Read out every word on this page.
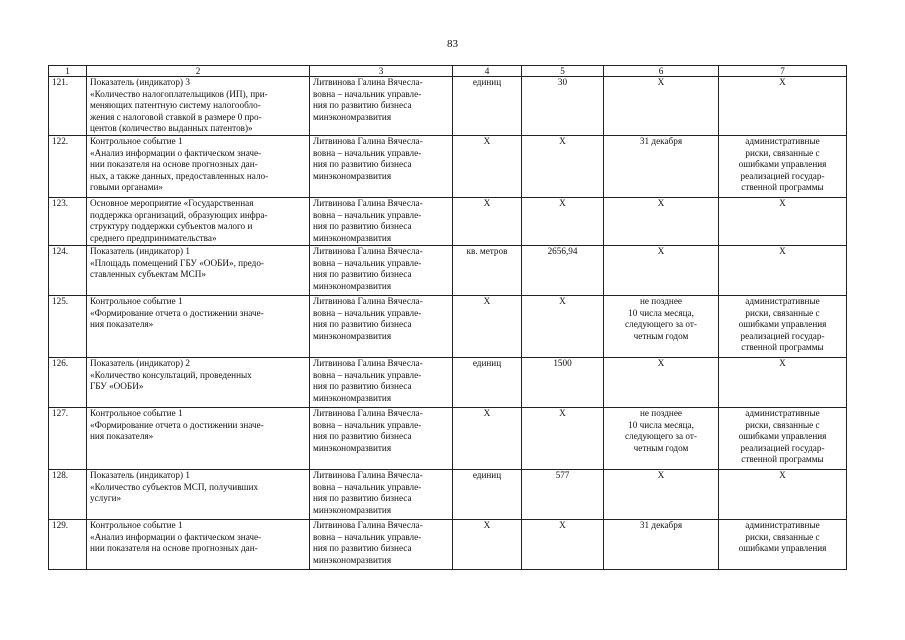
83
1	2	3	4	5	6	7
121.	Показатель (индикатор) 3
«Количество налогоплательщиков (ИП), при-
меняющих патентную систему налогообло-
жения с налоговой ставкой в размере 0 про-
центов (количество выданных патентов)»	Литвинова Галина Вячесла-
вовна – начальник управле-
ния по развитию бизнеса
минэкономразвития	единиц	30	Х	Х
122.	Контрольное событие 1
«Анализ информации о фактическом значе-
нии показателя на основе прогнозных дан-
ных, а также данных, предоставленных нало-
говыми органами»	Литвинова Галина Вячесла-
вовна – начальник управле-
ния по развитию бизнеса
минэкономразвития	Х	Х	31 декабря	административные
риски, связанные с
ошибками управления
реализацией государ-
ственной программы
123.	Основное мероприятие «Государственная
поддержка организаций, образующих инфра-
структуру поддержки субъектов малого и
среднего предпринимательства»	Литвинова Галина Вячесла-
вовна – начальник управле-
ния по развитию бизнеса
минэкономразвития	Х	Х	Х	Х
124.	Показатель (индикатор) 1
«Площадь помещений ГБУ «ООБИ», предо-
ставленных субъектам МСП»	Литвинова Галина Вячесла-
вовна – начальник управле-
ния по развитию бизнеса
минэкономразвития	кв. метров	2656,94	Х	Х
125.	Контрольное событие 1
«Формирование отчета о достижении значе-
ния показателя»	Литвинова Галина Вячесла-
вовна – начальник управле-
ния по развитию бизнеса
минэкономразвития	Х	Х	не позднее
10 числа месяца,
следующего за от-
четным годом	административные
риски, связанные с
ошибками управления
реализацией государ-
ственной программы
126.	Показатель (индикатор) 2
«Количество консультаций, проведенных
ГБУ «ООБИ»	Литвинова Галина Вячесла-
вовна – начальник управле-
ния по развитию бизнеса
минэкономразвития	единиц	1500	Х	Х
127.	Контрольное событие 1
«Формирование отчета о достижении значе-
ния показателя»	Литвинова Галина Вячесла-
вовна – начальник управле-
ния по развитию бизнеса
минэкономразвития	Х	Х	не позднее
10 числа месяца,
следующего за от-
четным годом	административные
риски, связанные с
ошибками управления
реализацией государ-
ственной программы
128.	Показатель (индикатор) 1
«Количество субъектов МСП, получивших
услуги»	Литвинова Галина Вячесла-
вовна – начальник управле-
ния по развитию бизнеса
минэкономразвития	единиц	577	Х	Х
129.	Контрольное событие 1
«Анализ информации о фактическом значе-
нии показателя на основе прогнозных дан-	Литвинова Галина Вячесла-
вовна – начальник управле-
ния по развитию бизнеса
минэкономразвития	Х	Х	31 декабря	административные
риски, связанные с
ошибками управления
